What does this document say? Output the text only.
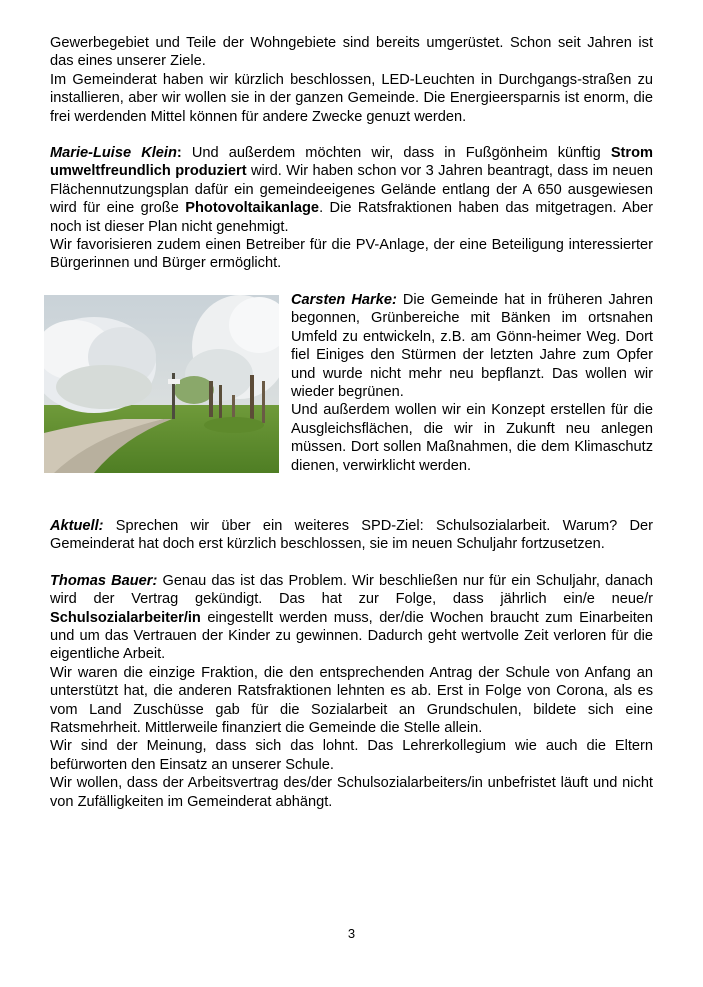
Gewerbegebiet und Teile der Wohngebiete sind bereits umgerüstet. Schon seit Jahren ist das eines unserer Ziele.

Im Gemeinderat haben wir kürzlich beschlossen, LED-Leuchten in Durchgangs-straßen zu installieren, aber wir wollen sie in der ganzen Gemeinde. Die Energieersparnis ist enorm, die frei werdenden Mittel können für andere Zwecke genuzt werden.

Marie-Luise Klein: Und außerdem möchten wir, dass in Fußgönheim künftig Strom umweltfreundlich produziert wird. Wir haben schon vor 3 Jahren beantragt, dass im neuen Flächennutzungsplan dafür ein gemeindeeigenes Gelände entlang der A 650 ausgewiesen wird für eine große Photovoltaikanlage. Die Ratsfraktionen haben das mitgetragen. Aber noch ist dieser Plan nicht genehmigt.

Wir favorisieren zudem einen Betreiber für die PV-Anlage, der eine Beteiligung interessierter Bürgerinnen und Bürger ermöglicht.

Carsten Harke: Die Gemeinde hat in früheren Jahren begonnen, Grünbereiche mit Bänken im ortsnahen Umfeld zu entwickeln, z.B. am Gönn-heimer Weg. Dort fiel Einiges den Stürmen der letzten Jahre zum Opfer und wurde nicht mehr neu bepflanzt. Das wollen wir wieder begrünen.

Und außerdem wollen wir ein Konzept erstellen für die Ausgleichsflächen, die wir in Zukunft neu anlegen müssen. Dort sollen Maßnahmen, die dem Klimaschutz dienen, verwirklicht werden.

Aktuell: Sprechen wir über ein weiteres SPD-Ziel: Schulsozialarbeit. Warum? Der Gemeinderat hat doch erst kürzlich beschlossen, sie im neuen Schuljahr fortzusetzen.

Thomas Bauer: Genau das ist das Problem. Wir beschließen nur für ein Schuljahr, danach wird der Vertrag gekündigt. Das hat zur Folge, dass jährlich ein/e neue/r Schulsozialarbeiter/in eingestellt werden muss, der/die Wochen braucht zum Einarbeiten und um das Vertrauen der Kinder zu gewinnen. Dadurch geht wertvolle Zeit verloren für die eigentliche Arbeit.

Wir waren die einzige Fraktion, die den entsprechenden Antrag der Schule von Anfang an unterstützt hat, die anderen Ratsfraktionen lehnten es ab. Erst in Folge von Corona, als es vom Land Zuschüsse gab für die Sozialarbeit an Grundschulen, bildete sich eine Ratsmehrheit. Mittlerweile finanziert die Gemeinde die Stelle allein.

Wir sind der Meinung, dass sich das lohnt. Das Lehrerkollegium wie auch die Eltern befürworten den Einsatz an unserer Schule.

Wir wollen, dass der Arbeitsvertrag des/der Schulsozialarbeiters/in unbefristet läuft und nicht von Zufälligkeiten im Gemeinderat abhängt.

3
